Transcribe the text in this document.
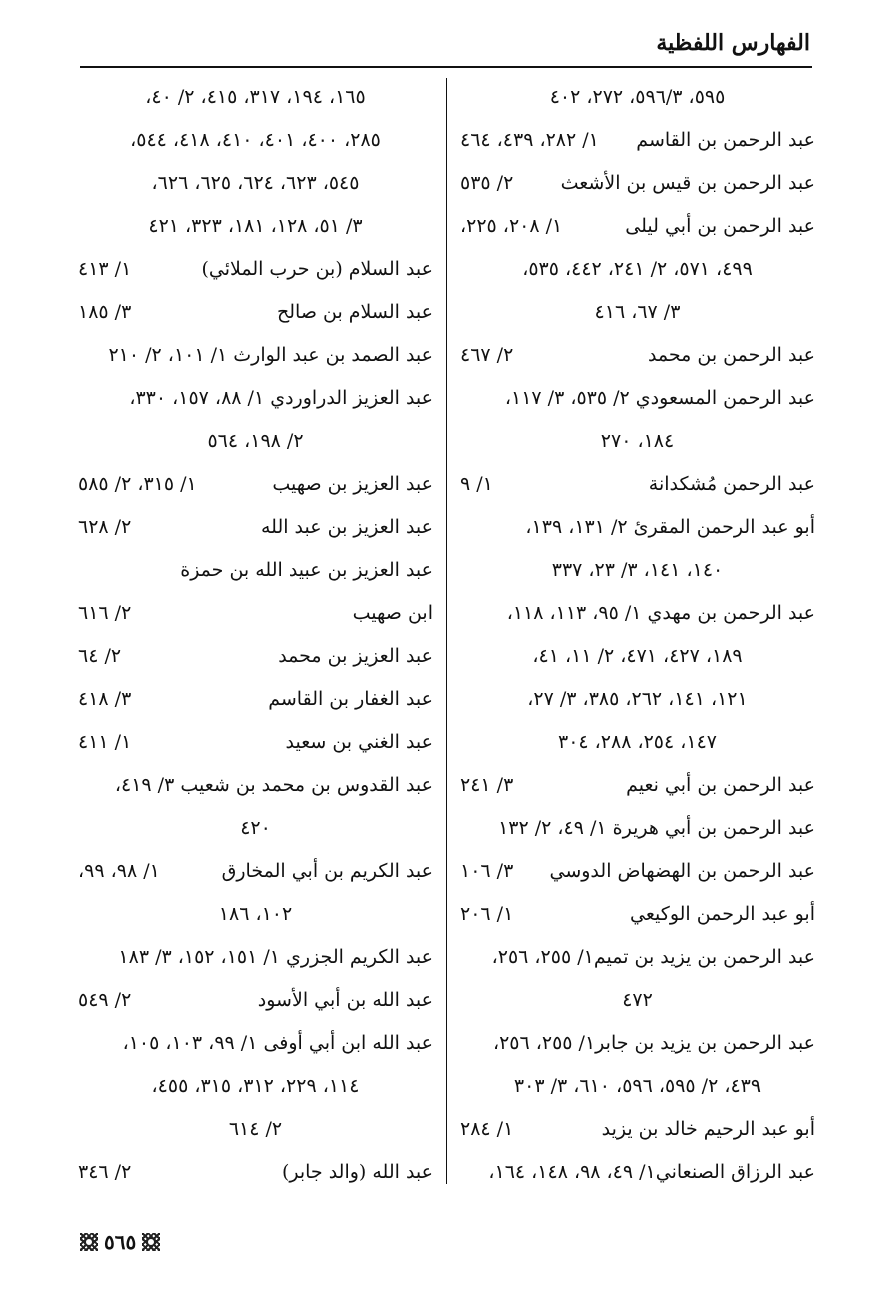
الفهارس اللفظية
٥٩٥، ٥٩٦/٣، ٢٧٢، ٤٠٢
عبد الرحمن بن القاسم
١/ ٢٨٢، ٤٣٩، ٤٦٤
عبد الرحمن بن قيس بن الأشعث
٢/ ٥٣٥
عبد الرحمن بن أبي ليلى
١/ ٢٠٨، ٢٢٥،
٤٩٩، ٥٧١، ٢/ ٢٤١، ٤٤٢، ٥٣٥،
٣/ ٦٧، ٤١٦
عبد الرحمن بن محمد
٢/ ٤٦٧
عبد الرحمن المسعودي ٢/ ٥٣٥، ٣/ ١١٧،
١٨٤، ٢٧٠
عبد الرحمن مُشكدانة
١/ ٩
أبو عبد الرحمن المقرئ ٢/ ١٣١، ١٣٩،
١٤٠، ١٤١، ٣/ ٢٣، ٣٣٧
عبد الرحمن بن مهدي ١/ ٩٥، ١١٣، ١١٨،
١٨٩، ٤٢٧، ٤٧١، ٢/ ١١، ٤١،
١٢١، ١٤١، ٢٦٢، ٣٨٥، ٣/ ٢٧،
١٤٧، ٢٥٤، ٢٨٨، ٣٠٤
عبد الرحمن بن أبي نعيم
٣/ ٢٤١
عبد الرحمن بن أبي هريرة ١/ ٤٩، ٢/ ١٣٢
عبد الرحمن بن الهضهاض الدوسي
٣/ ١٠٦
أبو عبد الرحمن الوكيعي
١/ ٢٠٦
عبد الرحمن بن يزيد بن تميم١/ ٢٥٥، ٢٥٦،
٤٧٢
عبد الرحمن بن يزيد بن جابر١/ ٢٥٥، ٢٥٦،
٤٣٩، ٢/ ٥٩٥، ٥٩٦، ٦١٠، ٣/ ٣٠٣
أبو عبد الرحيم خالد بن يزيد
١/ ٢٨٤
عبد الرزاق الصنعاني١/ ٤٩، ٩٨، ١٤٨، ١٦٤،
١٦٥، ١٩٤، ٣١٧، ٤١٥، ٢/ ٤٠،
٢٨٥، ٤٠٠، ٤٠١، ٤١٠، ٤١٨، ٥٤٤،
٥٤٥، ٦٢٣، ٦٢٤، ٦٢٥، ٦٢٦،
٣/ ٥١، ١٢٨، ١٨١، ٣٢٣، ٤٢١
عبد السلام (بن حرب الملائي)
١/ ٤١٣
عبد السلام بن صالح
٣/ ١٨٥
عبد الصمد بن عبد الوارث ١/ ١٠١، ٢/ ٢١٠
عبد العزيز الدراوردي ١/ ٨٨، ١٥٧، ٣٣٠،
٢/ ١٩٨، ٥٦٤
عبد العزيز بن صهيب
١/ ٣١٥، ٢/ ٥٨٥
عبد العزيز بن عبد الله
٢/ ٦٢٨
عبد العزيز بن عبيد الله بن حمزة
ابن صهيب
٢/ ٦١٦
عبد العزيز بن محمد
٢/ ٦٤
عبد الغفار بن القاسم
٣/ ٤١٨
عبد الغني بن سعيد
١/ ٤١١
عبد القدوس بن محمد بن شعيب ٣/ ٤١٩،
٤٢٠
عبد الكريم بن أبي المخارق
١/ ٩٨، ٩٩،
١٠٢، ١٨٦
عبد الكريم الجزري ١/ ١٥١، ١٥٢، ٣/ ١٨٣
عبد الله بن أبي الأسود
٢/ ٥٤٩
عبد الله ابن أبي أوفى ١/ ٩٩، ١٠٣، ١٠٥،
١١٤، ٢٢٩، ٣١٢، ٣١٥، ٤٥٥،
٢/ ٦١٤
عبد الله (والد جابر)
٢/ ٣٤٦
٥٦٥
